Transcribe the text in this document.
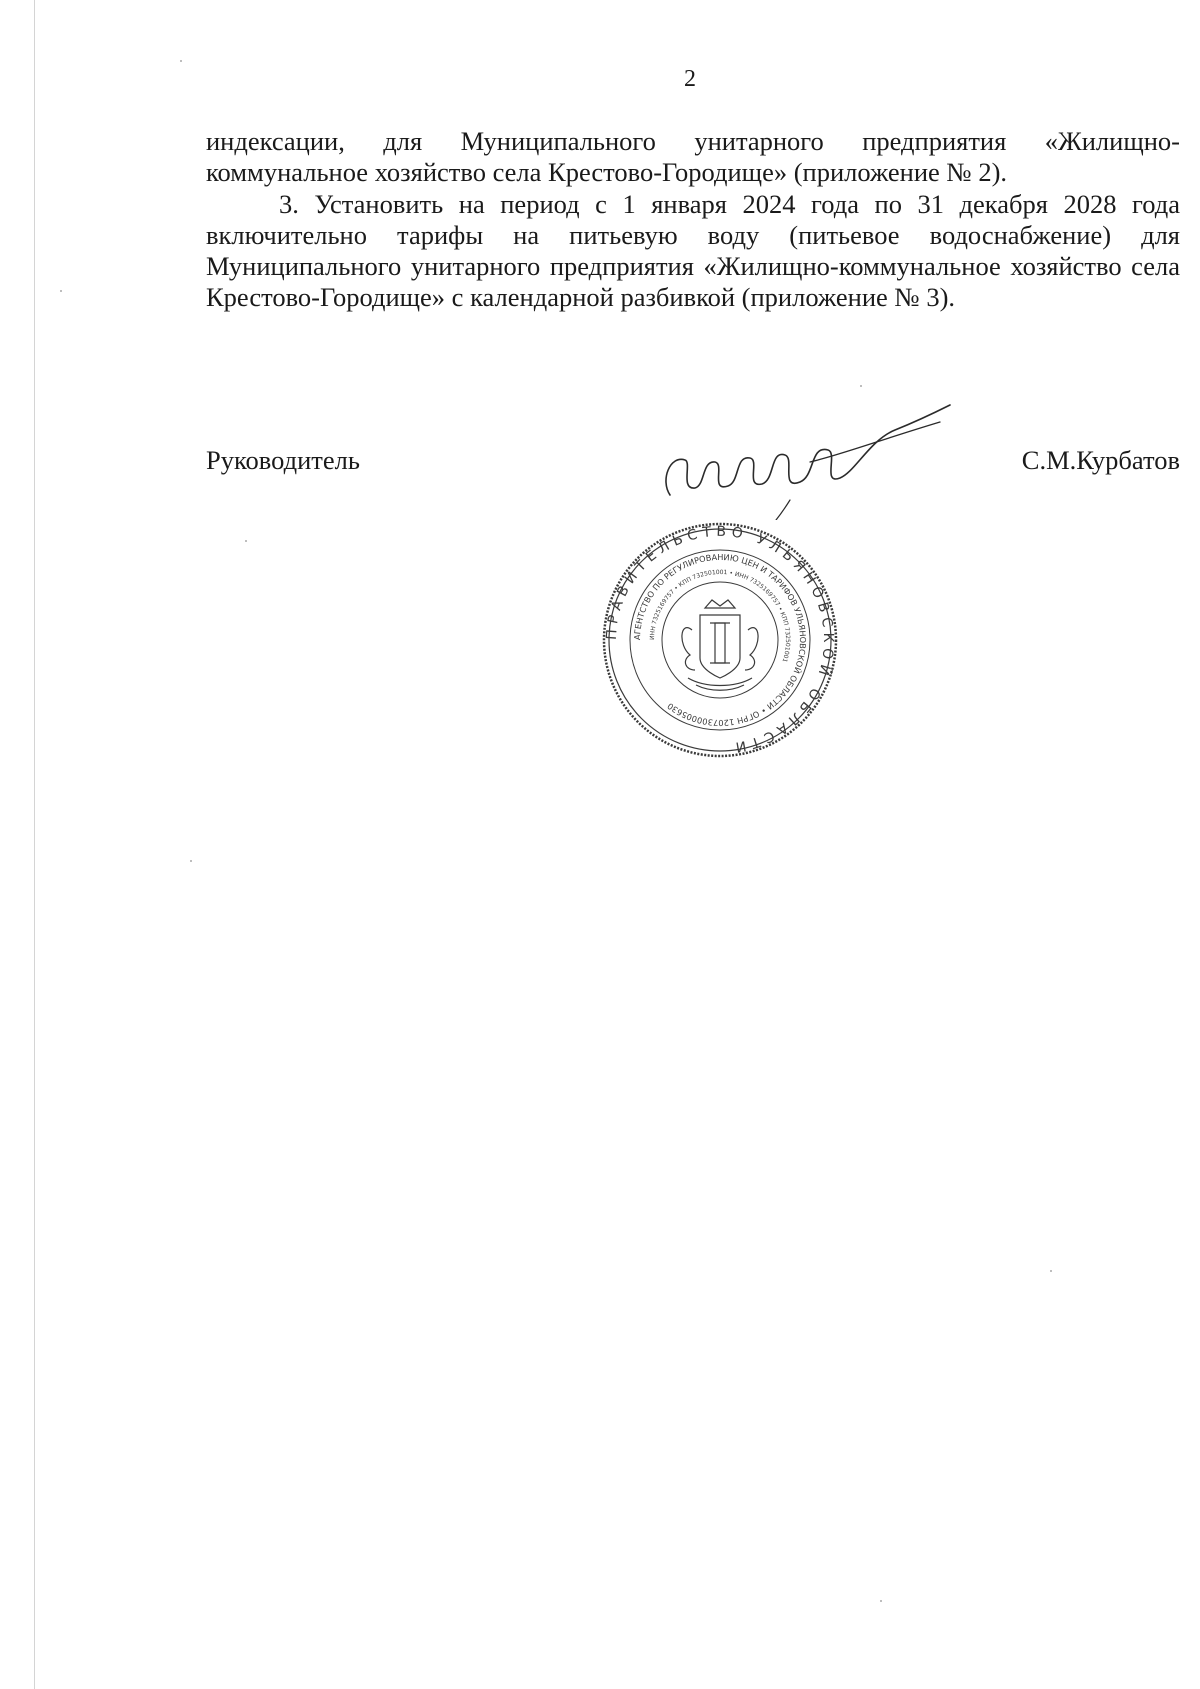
2

индексации, для Муниципального унитарного предприятия «Жилищно-коммунальное хозяйство села Крестово-Городище» (приложение № 2).

3. Установить на период с 1 января 2024 года по 31 декабря 2028 года включительно тарифы на питьевую воду (питьевое водоснабжение) для Муниципального унитарного предприятия «Жилищно-коммунальное хозяйство села Крестово-Городище» с календарной разбивкой (приложение № 3).

Руководитель	С.М.Курбатов
ПРАВИТЕЛЬСТВО УЛЬЯНОВСКОЙ ОБЛАСТИ
АГЕНТСТВО ПО РЕГУЛИРОВАНИЮ ЦЕН И ТАРИФОВ УЛЬЯНОВСКОЙ ОБЛАСТИ • ОГРН 1207300005630
ИНН 7325169757 • КПП 732501001 • ИНН 7325169757 • КПП 732501001
